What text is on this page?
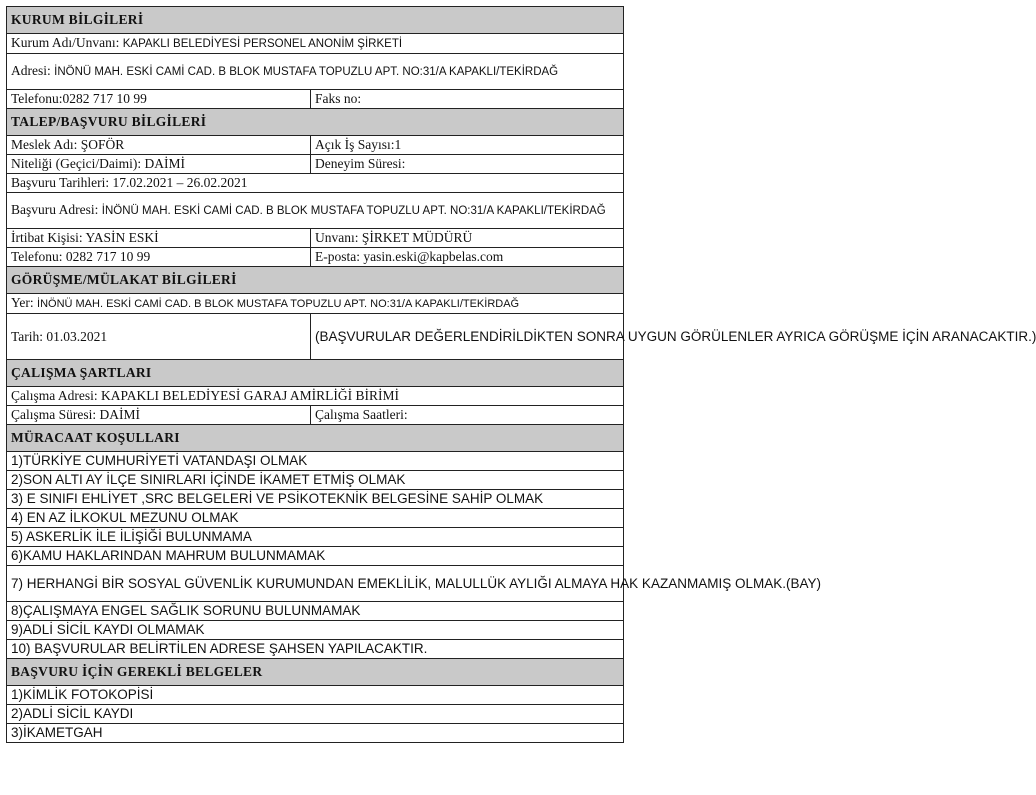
KURUM BİLGİLERİ	
Kurum Adı/Unvanı: KAPAKLI BELEDİYESİ PERSONEL ANONİM ŞİRKETİ	
Adresi: İNÖNÜ MAH. ESKİ CAMİ CAD. B BLOK MUSTAFA TOPUZLU APT. NO:31/A KAPAKLI/TEKİRDAĞ	
Telefonu:0282 717 10 99	Faks no:
TALEP/BAŞVURU BİLGİLERİ	
Meslek Adı: ŞOFÖR	Açık İş Sayısı:1
Niteliği (Geçici/Daimi): DAİMİ	Deneyim Süresi:
Başvuru Tarihleri: 17.02.2021 – 26.02.2021	
Başvuru Adresi: İNÖNÜ MAH. ESKİ CAMİ CAD. B BLOK MUSTAFA TOPUZLU APT. NO:31/A KAPAKLI/TEKİRDAĞ	
İrtibat Kişisi: YASİN ESKİ	Unvanı: ŞİRKET MÜDÜRÜ
Telefonu: 0282 717 10 99	E-posta: yasin.eski@kapbelas.com
GÖRÜŞME/MÜLAKAT BİLGİLERİ	
Yer: İNÖNÜ MAH. ESKİ CAMİ CAD. B BLOK MUSTAFA TOPUZLU APT. NO:31/A KAPAKLI/TEKİRDAĞ	
Tarih: 01.03.2021	(BAŞVURULAR DEĞERLENDİRİLDİKTEN SONRA UYGUN GÖRÜLENLER AYRICA GÖRÜŞME İÇİN ARANACAKTIR.)
ÇALIŞMA ŞARTLARI	
Çalışma Adresi: KAPAKLI BELEDİYESİ GARAJ AMİRLİĞİ BİRİMİ	
Çalışma Süresi: DAİMİ	Çalışma Saatleri:
MÜRACAAT KOŞULLARI	
1)TÜRKİYE CUMHURİYETİ VATANDAŞI OLMAK	
2)SON ALTI AY İLÇE SINIRLARI İÇİNDE İKAMET ETMİŞ OLMAK	
3) E SINIFI EHLİYET ,SRC BELGELERİ VE PSİKOTEKNİK BELGESİNE SAHİP OLMAK	
4) EN AZ İLKOKUL MEZUNU OLMAK	
5) ASKERLİK İLE İLİŞİĞİ BULUNMAMA	
6)KAMU HAKLARINDAN MAHRUM BULUNMAMAK	
7) HERHANGİ BİR SOSYAL GÜVENLİK KURUMUNDAN EMEKLİLİK, MALULLÜK AYLIĞI ALMAYA HAK KAZANMAMIŞ OLMAK.(BAY)	
8)ÇALIŞMAYA ENGEL SAĞLIK SORUNU BULUNMAMAK	
9)ADLİ SİCİL KAYDI OLMAMAK	
10) BAŞVURULAR BELİRTİLEN ADRESE ŞAHSEN YAPILACAKTIR.	
BAŞVURU İÇİN GEREKLİ BELGELER	
1)KİMLİK FOTOKOPİSİ	
2)ADLİ SİCİL KAYDI	
3)İKAMETGAH	
